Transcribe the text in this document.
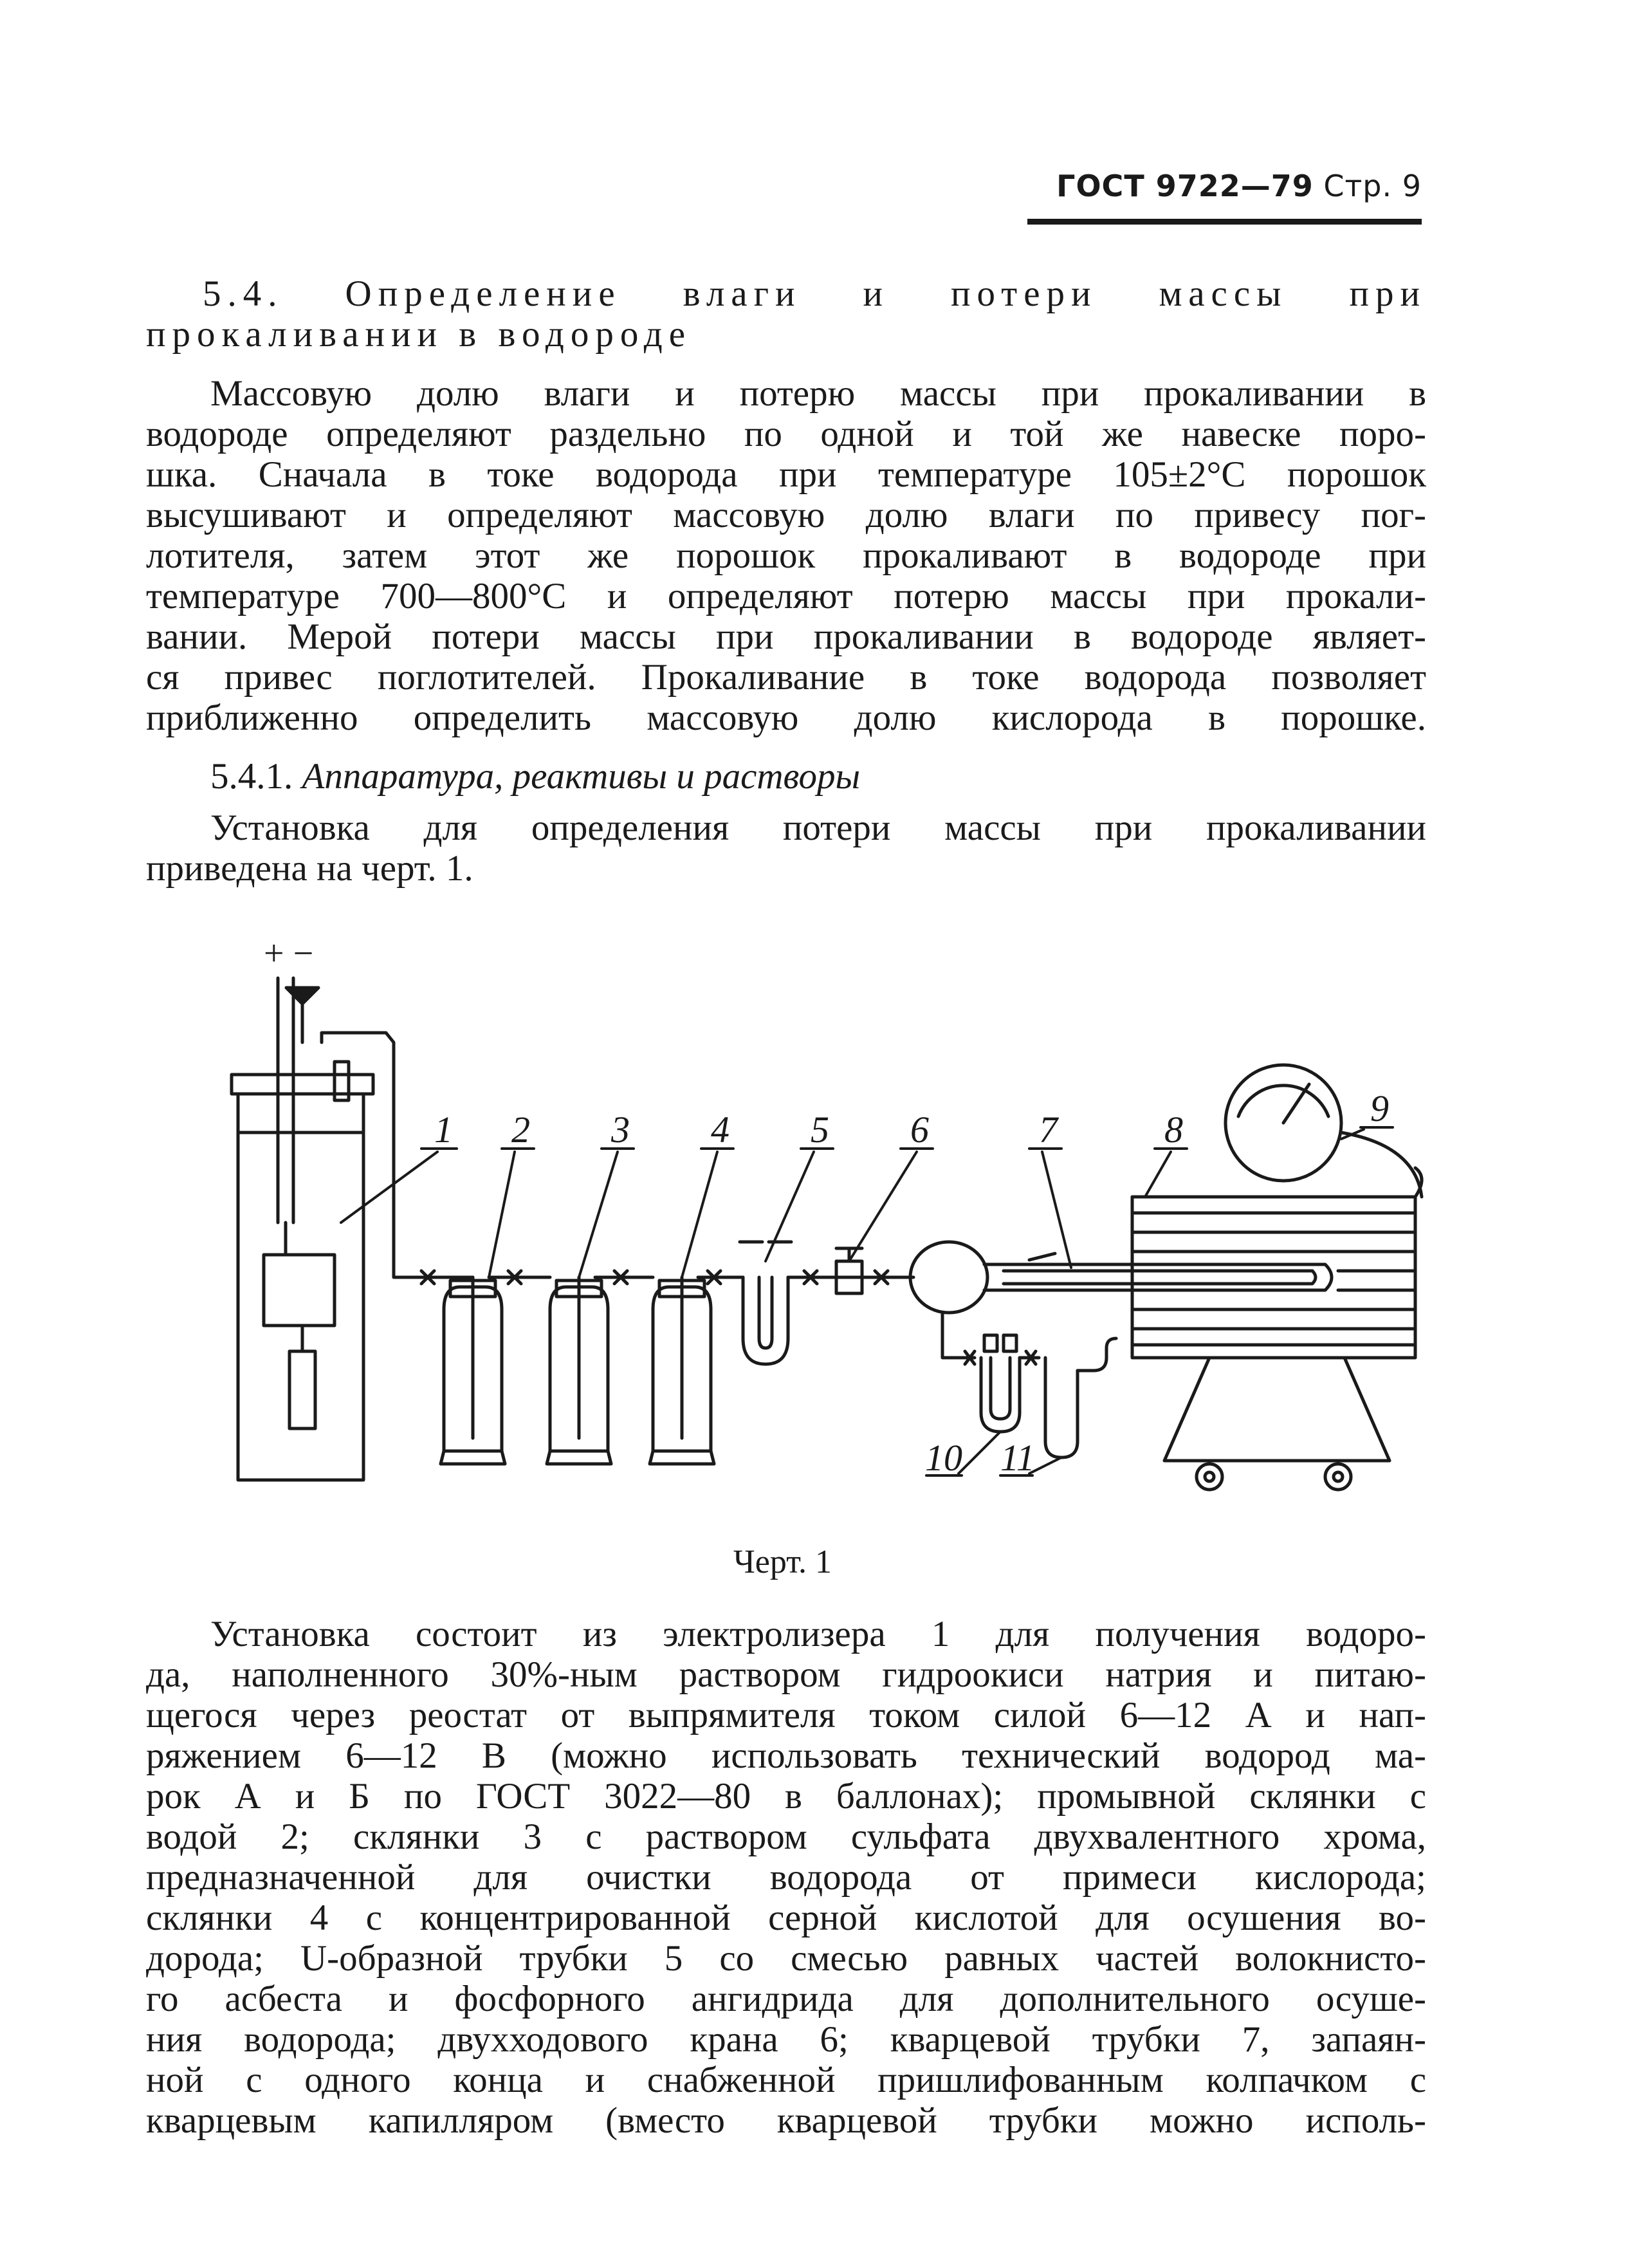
ГОСТ 9722—79 Стр. 9
5.4. Определение влаги и потери массы при
прокаливании в водороде
Массовую долю влаги и потерю массы при прокаливании в
водороде определяют раздельно по одной и той же навеске поро-
шка. Сначала в токе водорода при температуре 105±2°С порошок
высушивают и определяют массовую долю влаги по привесу пог-
лотителя, затем этот же порошок прокаливают в водороде при
температуре 700—800°С и определяют потерю массы при прокали-
вании. Мерой потери массы при прокаливании в водороде являет-
ся привес поглотителей. Прокаливание в токе водорода позволяет
приближенно определить массовую долю кислорода в порошке.
5.4.1. Аппаратура, реактивы и растворы
Установка для определения потери массы при прокаливании
приведена на черт. 1.
+ −
1 2 3 4 5 6	7	8
9
10 11
Черт. 1
Установка состоит из электролизера 1 для получения водоро-
да, наполненного 30%-ным раствором гидроокиси натрия и питаю-
щегося через реостат от выпрямителя током силой 6—12 А и нап-
ряжением 6—12 В (можно использовать технический водород ма-
рок А и Б по ГОСТ 3022—80 в баллонах); промывной склянки с
водой 2; склянки 3 с раствором сульфата двухвалентного хрома,
предназначенной для очистки водорода от примеси кислорода;
склянки 4 с концентрированной серной кислотой для осушения во-
дорода; U-образной трубки 5 со смесью равных частей волокнисто-
го асбеста и фосфорного ангидрида для дополнительного осуше-
ния водорода; двухходового крана 6; кварцевой трубки 7, запаян-
ной с одного конца и снабженной пришлифованным колпачком с
кварцевым капилляром (вместо кварцевой трубки можно исполь-
